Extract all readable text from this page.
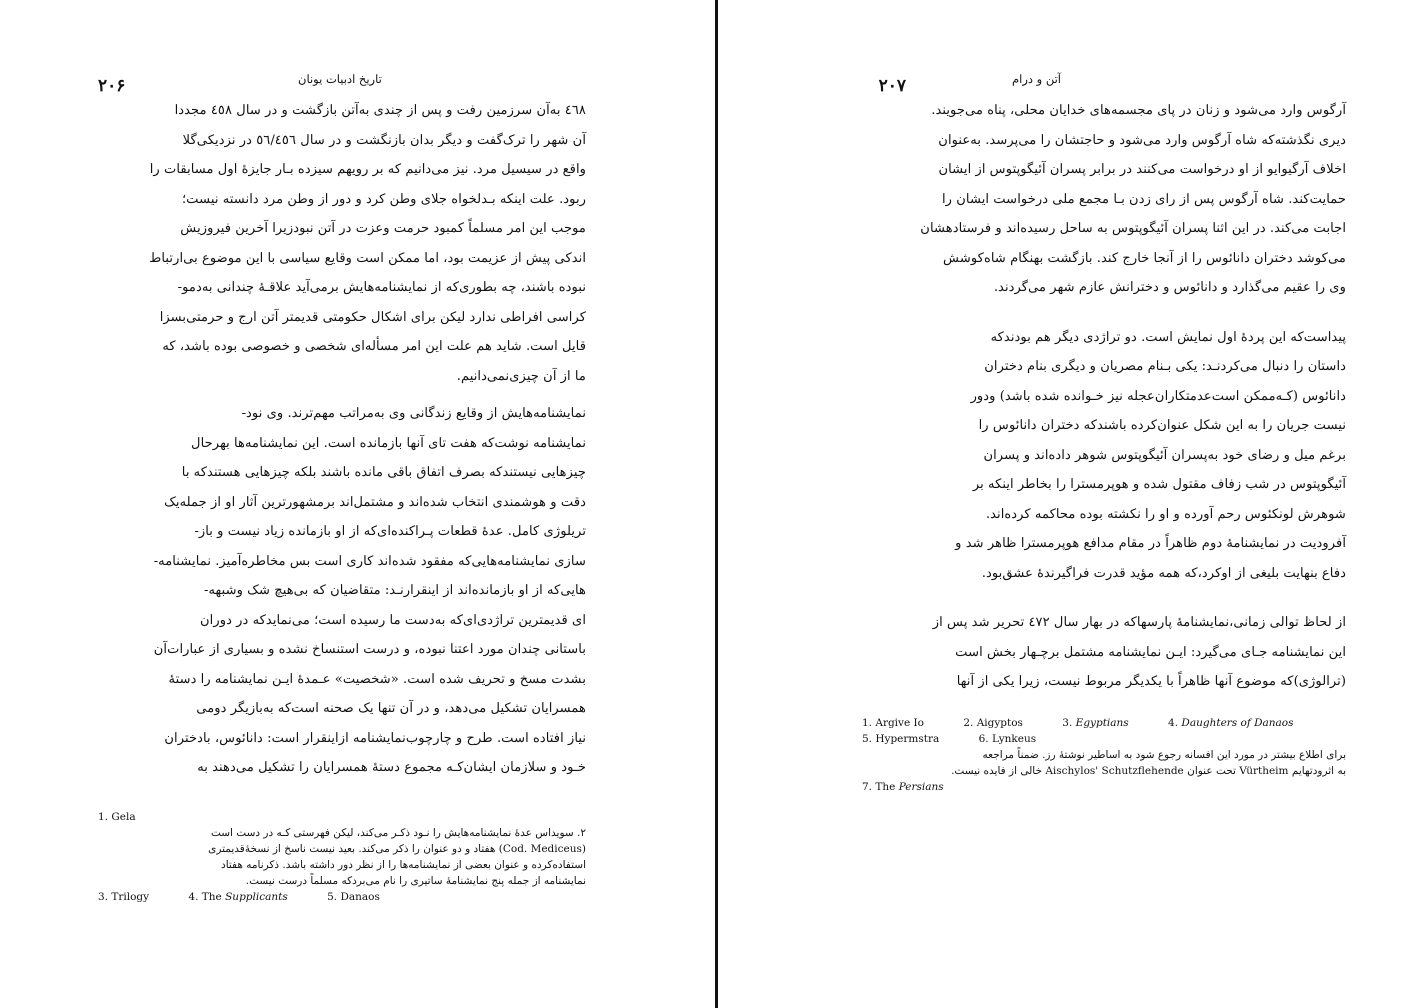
۲۰۶	تاریخ ادبیات یونان
٤٦٨ به‌آن سرزمین رفت و پس از چندی به‌آتن بازگشت و در سال ٤٥٨ مجددا
آن شهر را ترک‌گفت و دیگر بدان بازنگشت و در سال ٥٦/٤٥٦ در نزدیکی‌گلا
واقع در سیسیل مرد. نیز می‌دانیم که بر رویهم سیزده بـار جایزهٔ اول مسابقات را
ربود. علت اینکه بـدلخواه جلای وطن کرد و دور از وطن مرد دانسته نیست؛
موجب این امر مسلماً کمبود حرمت وعزت در آتن نبودزیرا آخرین فیروزیش
اندکی پیش از عزیمت بود، اما ممکن است وقایع سیاسی با این موضوع بی‌ارتباط
نبوده باشند، چه بطوری‌که از نمایشنامه‌هایش برمی‌آید علاقـهٔ چندانی به‌دمو-
کراسی افراطی ندارد لیکن برای اشکال حکومتی قدیمتر آتن ارج و حرمتی‌بسزا
قایل است. شاید هم علت این امر مسأله‌ای شخصی و خصوصی بوده باشد، که
ما از آن چیزی‌نمی‌دانیم.
نمایشنامه‌هایش از وقایع زندگانی وی به‌مراتب مهم‌ترند. وی نود-
نمایشنامه نوشت‌که هفت تای آنها بازمانده است. این نمایشنامه‌ها بهرحال
چیزهایی نیستندکه بصرف اتفاق باقی مانده باشند بلکه چیزهایی هستندکه با
دقت و هوشمندی انتخاب شده‌اند و مشتمل‌اند برمشهورترین آثار او از جمله‌یک
تریلوژی کامل. عدهٔ قطعات پـراکنده‌ای‌که از او بازمانده زیاد نیست و باز-
سازی نمایشنامه‌هایی‌که مفقود شده‌اند کاری است بس مخاطره‌آمیز. نمایشنامه-
هایی‌که از او بازمانده‌اند از اینقرارنـد: متقاضیان که بی‌هیچ شک وشبهه-
ای قدیمترین تراژدی‌ای‌که به‌دست ما رسیده است؛ می‌نمایدکه در دوران
باستانی چندان مورد اعتنا نبوده، و درست استنساخ نشده و بسیاری از عبارات‌آن
بشدت مسخ و تحریف شده است. «شخصیت» عـمدهٔ ایـن نمایشنامه را دستهٔ
همسرایان تشکیل می‌دهد، و در آن تنها یک صحنه است‌که به‌بازیگر دومی
نیاز افتاده است. طرح و چارچوب‌نمایشنامه ازاینقرار است: دانائوس، بادختران
خـود و سلازمان ایشان‌کـه مجموع دستهٔ همسرایان را تشکیل می‌دهند به
1. Gela
۲. سویداس عدهٔ نمایشنامه‌هایش را نـود ذکـر می‌کند، لیکن فهرستی کـه در دست است
(Cod. Mediceus) هفتاد و دو عنوان را ذکر می‌کند. بعید نیست ناسخ از نسخهٔ‌قدیمتری
استفاده‌کرده و عنوان بعضی از نمایشنامه‌ها را از نظر دور داشته باشد. ذکرنامه هفتاد
نمایشنامه از جمله پنج نمایشنامهٔ ساتیری را نام می‌بردکه مسلماً درست نیست.
3. Trilogy	4. The Supplicants	5. Danaos
۲۰۷	آتن و درام
آرگوس وارد می‌شود و زنان در پای مجسمه‌های خدایان محلی، پناه می‌جویند.
دیری نگذشته‌که شاه آرگوس وارد می‌شود و حاجتشان را می‌پرسد. به‌عنوان
اخلاف آرگیوایو از او درخواست می‌کنند در برابر پسران آئیگوپتوس از ایشان
حمایت‌کند. شاه آرگوس پس از رای زدن بـا مجمع ملی درخواست ایشان را
اجابت می‌کند. در این اثنا پسران آئیگوپتوس به ساحل رسیده‌اند و فرستادهشان
می‌کوشد دختران دانائوس را از آنجا خارج کند. بازگشت بهنگام شاه‌کوشش
وی را عقیم می‌گذارد و دانائوس و دخترانش عازم شهر می‌گردند.
پیداست‌که این پردهٔ اول نمایش است. دو تراژدی دیگر هم بودندکه
داستان را دنبال می‌کردنـد: یکی بـنام مصریان و دیگری بنام دختران
دانائوس (کـه‌ممکن است‌عدمتکاران‌عجله نیز خـوانده شده باشد) ودور
نیست جریان را به این شکل عنوان‌کرده باشندکه دختران دانائوس را
برغم میل و رضای خود به‌پسران آئیگوپتوس شوهر داده‌اند و پسران
آئیگوپتوس در شب زفاف مقتول شده و هوپرمسترا را بخاطر اینکه بر
شوهرش لونکئوس رحم آورده و او را نکشته بوده محاکمه کرده‌اند.
آفرودیت در نمایشنامهٔ دوم ظاهراً در مقام مدافع هوپرمسترا ظاهر شد و
دفاع بنهایت بلیغی از اوکرد،که همه مؤید قدرت فراگیرندهٔ عشق‌بود.
از لحاظ توالی زمانی،نمایشنامهٔ پارسها‌که در بهار سال ٤٧٢ تحریر شد پس از
این نمایشنامه جـای می‌گیرد: ایـن نمایشنامه مشتمل برچـهار بخش است
(ترالوژی)که موضوع آنها ظاهراً با یکدیگر مربوط نیست، زیرا یکی از آنها
1. Argive Io	2. Aigyptos	3. Egyptians	4. Daughters of Danaos
5. Hypermstra	6. Lynkeus
برای اطلاع بیشتر در مورد این افسانه رجوع شود به اساطیر نوشتهٔ رز. ضمناً مراجعه
به اثرودتهایم Vürtheim تحت عنوان Aischylos' Schutzflehende خالی از فایده نیست.
7. The Persians
